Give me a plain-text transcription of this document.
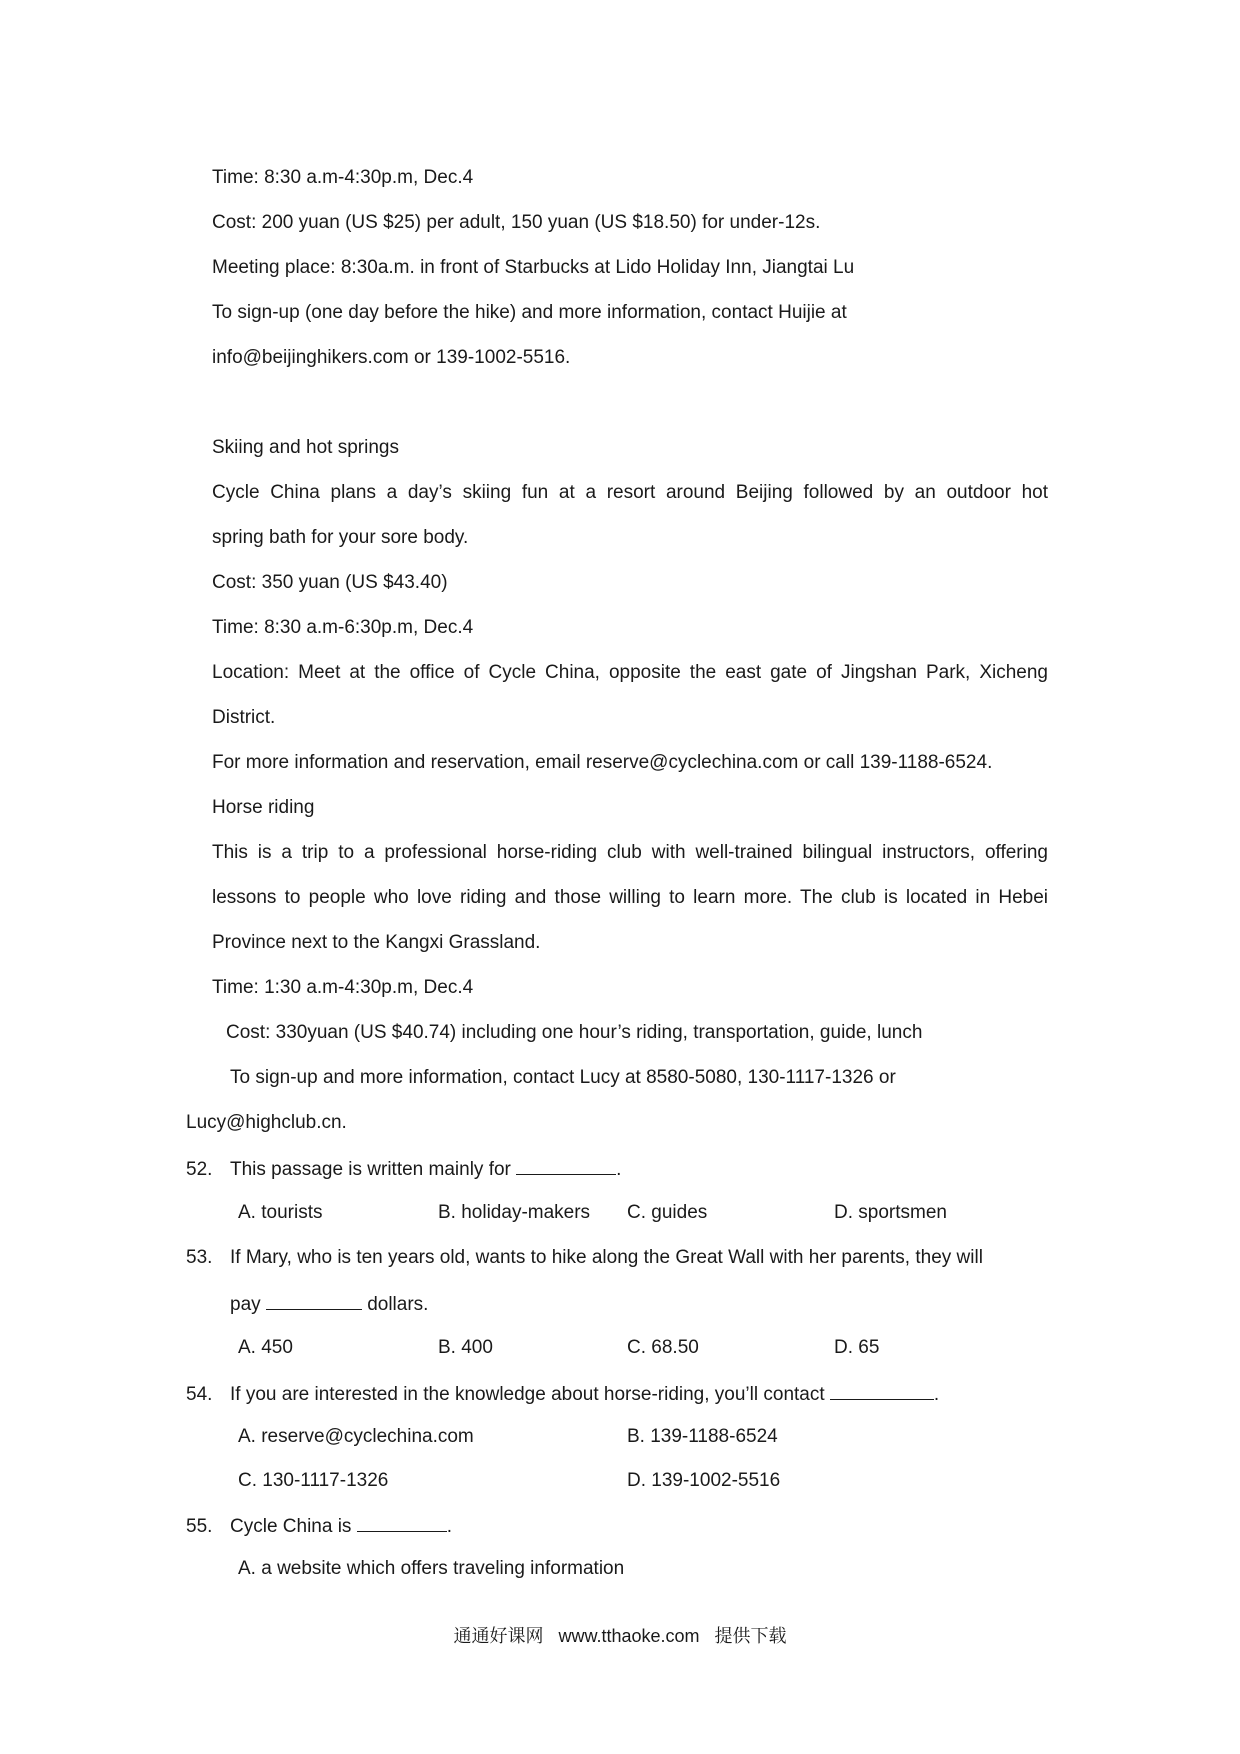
Time: 8:30 a.m-4:30p.m, Dec.4
Cost: 200 yuan (US $25) per adult, 150 yuan (US $18.50) for under-12s.
Meeting place: 8:30a.m. in front of Starbucks at Lido Holiday Inn, Jiangtai Lu
To sign-up (one day before the hike) and more information, contact Huijie at
info@beijinghikers.com or 139-1002-5516.
Skiing and hot springs
Cycle China plans a day’s skiing fun at a resort around Beijing followed by an outdoor hot
spring bath for your sore body.
Cost: 350 yuan (US $43.40)
Time: 8:30 a.m-6:30p.m, Dec.4
Location: Meet at the office of Cycle China, opposite the east gate of Jingshan Park, Xicheng
District.
For more information and reservation, email reserve@cyclechina.com or call 139-1188-6524.
Horse riding
This is a trip to a professional horse-riding club with well-trained bilingual instructors, offering
lessons to people who love riding and those willing to learn more. The club is located in Hebei
Province next to the Kangxi Grassland.
Time: 1:30 a.m-4:30p.m, Dec.4
Cost: 330yuan (US $40.74) including one hour’s riding, transportation, guide, lunch
To sign-up and more information, contact Lucy at 8580-5080, 130-1117-1326 or
Lucy@highclub.cn.
52. This passage is written mainly for	.
A. tourists	B. holiday-makers C. guides	D. sportsmen
53. If Mary, who is ten years old, wants to hike along the Great Wall with her parents, they will
pay	dollars.
A. 450	B. 400	C. 68.50	D. 65
54. If you are interested in the knowledge about horse-riding, you’ll contact	.
A. reserve@cyclechina.com	B. 139-1188-6524
C. 130-1117-1326	D. 139-1002-5516
55. Cycle China is	.
A. a website which offers traveling information
通通好课网 www.tthaoke.com 提供下载
